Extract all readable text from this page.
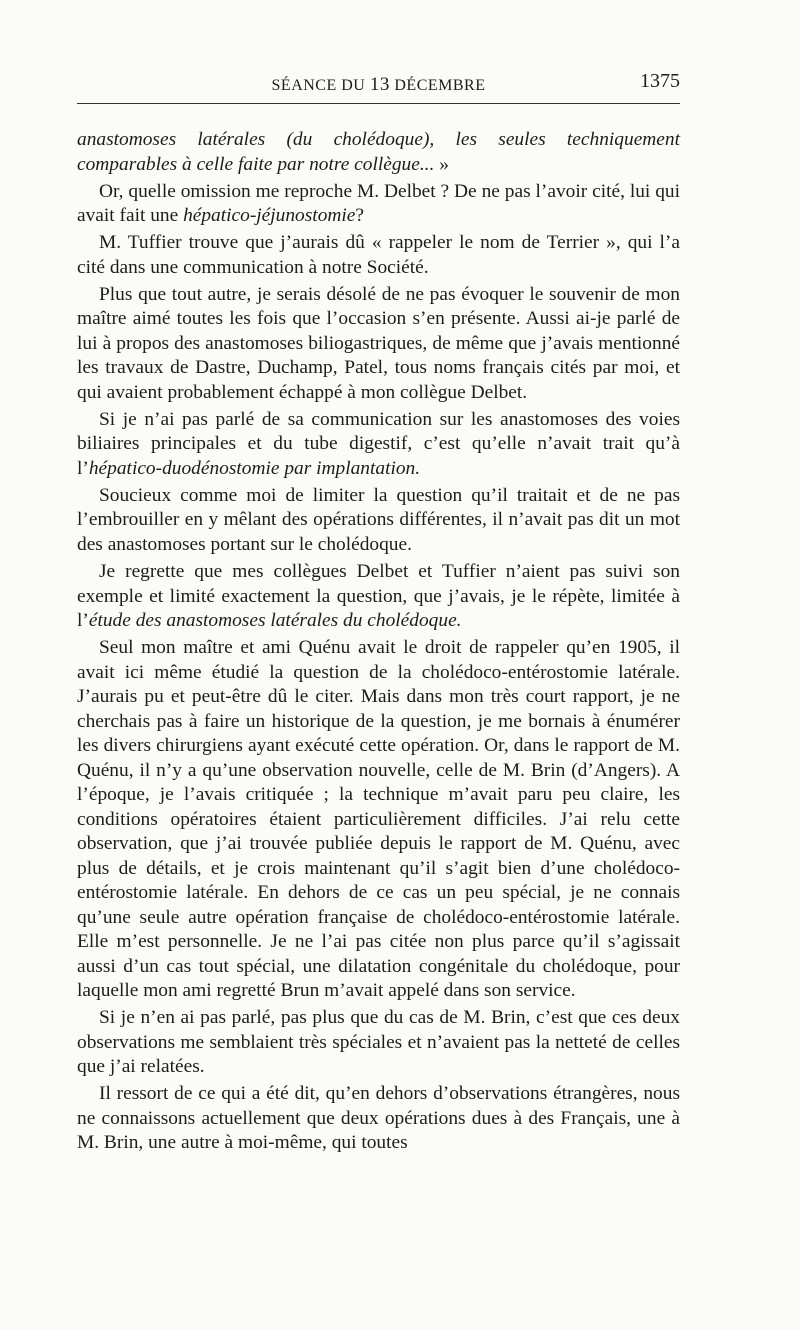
SÉANCE DU 13 DÉCEMBRE	1375

anastomoses latérales (du cholédoque), les seules techniquement comparables à celle faite par notre collègue... »

Or, quelle omission me reproche M. Delbet ? De ne pas l’avoir cité, lui qui avait fait une hépatico-jéjunostomie?

M. Tuffier trouve que j’aurais dû « rappeler le nom de Terrier », qui l’a cité dans une communication à notre Société.

Plus que tout autre, je serais désolé de ne pas évoquer le souvenir de mon maître aimé toutes les fois que l’occasion s’en présente. Aussi ai-je parlé de lui à propos des anastomoses biliogastriques, de même que j’avais mentionné les travaux de Dastre, Duchamp, Patel, tous noms français cités par moi, et qui avaient probablement échappé à mon collègue Delbet.

Si je n’ai pas parlé de sa communication sur les anastomoses des voies biliaires principales et du tube digestif, c’est qu’elle n’avait trait qu’à l’hépatico-duodénostomie par implantation.

Soucieux comme moi de limiter la question qu’il traitait et de ne pas l’embrouiller en y mêlant des opérations différentes, il n’avait pas dit un mot des anastomoses portant sur le cholédoque.

Je regrette que mes collègues Delbet et Tuffier n’aient pas suivi son exemple et limité exactement la question, que j’avais, je le répète, limitée à l’étude des anastomoses latérales du cholédoque.

Seul mon maître et ami Quénu avait le droit de rappeler qu’en 1905, il avait ici même étudié la question de la cholédoco-entérostomie latérale. J’aurais pu et peut-être dû le citer. Mais dans mon très court rapport, je ne cherchais pas à faire un historique de la question, je me bornais à énumérer les divers chirurgiens ayant exécuté cette opération. Or, dans le rapport de M. Quénu, il n’y a qu’une observation nouvelle, celle de M. Brin (d’Angers). A l’époque, je l’avais critiquée ; la technique m’avait paru peu claire, les conditions opératoires étaient particulièrement difficiles. J’ai relu cette observation, que j’ai trouvée publiée depuis le rapport de M. Quénu, avec plus de détails, et je crois maintenant qu’il s’agit bien d’une cholédoco-entérostomie latérale. En dehors de ce cas un peu spécial, je ne connais qu’une seule autre opération française de cholédoco-entérostomie latérale. Elle m’est personnelle. Je ne l’ai pas citée non plus parce qu’il s’agissait aussi d’un cas tout spécial, une dilatation congénitale du cholédoque, pour laquelle mon ami regretté Brun m’avait appelé dans son service.

Si je n’en ai pas parlé, pas plus que du cas de M. Brin, c’est que ces deux observations me semblaient très spéciales et n’avaient pas la netteté de celles que j’ai relatées.

Il ressort de ce qui a été dit, qu’en dehors d’observations étrangères, nous ne connaissons actuellement que deux opérations dues à des Français, une à M. Brin, une autre à moi-même, qui toutes
